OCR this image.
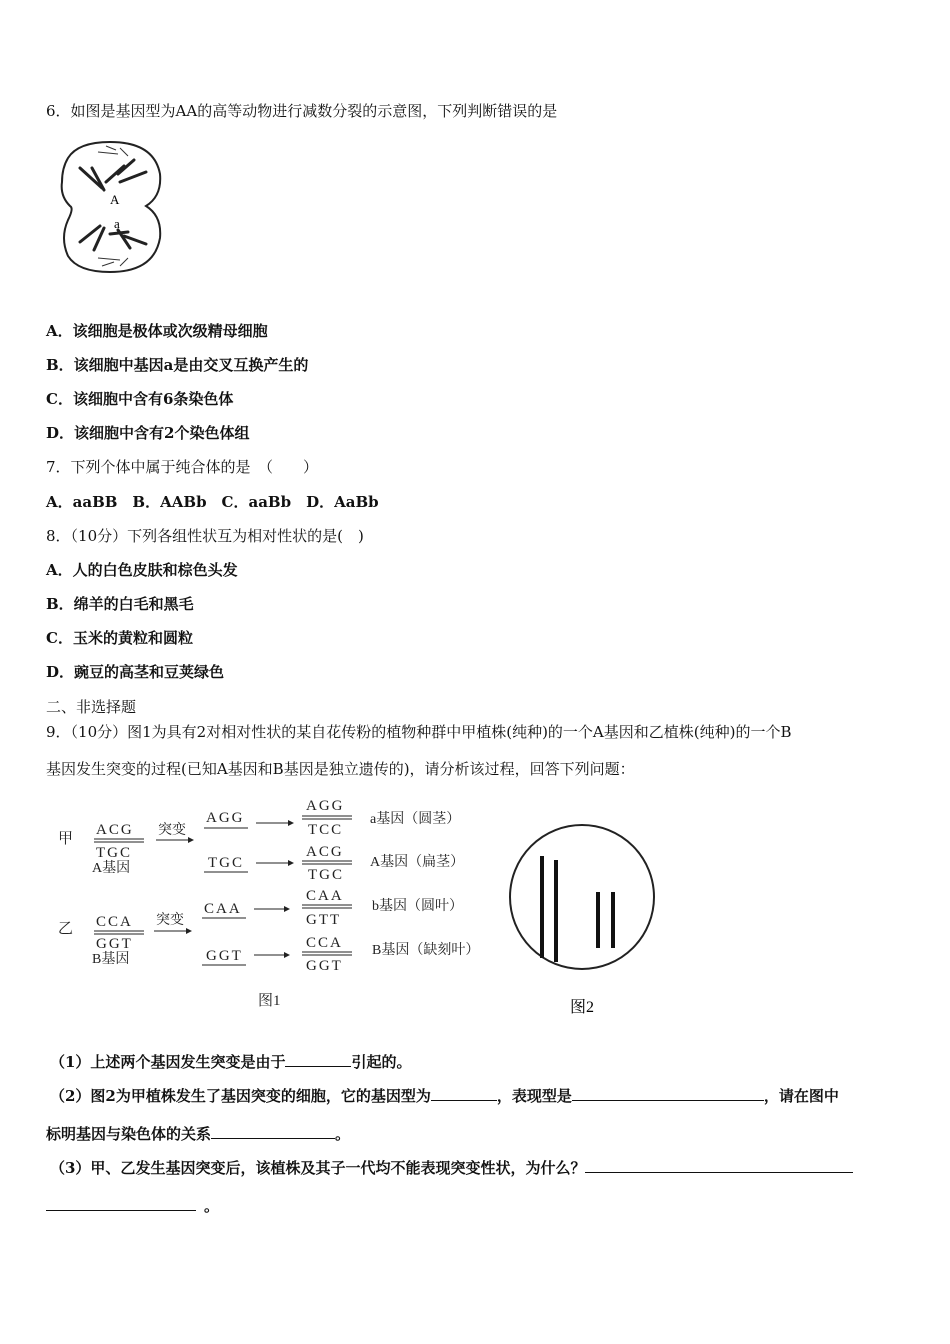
6．如图是基因型为AA的高等动物进行减数分裂的示意图，下列判断错误的是
A
a
A．该细胞是极体或次级精母细胞
B．该细胞中基因a是由交叉互换产生的
C．该细胞中含有6条染色体
D．该细胞中含有2个染色体组
7．下列个体中属于纯合体的是　（　　）
A．aaBB　B．AABb　C．aaBb　D．AaBb
8．（10分）下列各组性状互为相对性状的是(　)
A．人的白色皮肤和棕色头发
B．绵羊的白毛和黑毛
C．玉米的黄粒和圆粒
D．豌豆的高茎和豆荚绿色
二、非选择题
9．（10分）图1为具有2对相对性状的某自花传粉的植物种群中甲植株(纯种)的一个A基因和乙植株(纯种)的一个B
基因发生突变的过程(已知A基因和B基因是独立遗传的)，请分析该过程，回答下列问题：
甲
乙
ACG
TGC
A基因
突变
AGG
AGG
TCC
a基因（圆茎）
TGC
ACG
TGC
A基因（扁茎）
CCA
GGT
B基因
突变
CAA
CAA
GTT
b基因（圆叶）
GGT
CCA
GGT
B基因（缺刻叶）
图1	图2
（1）上述两个基因发生突变是由于	引起的。
（2）图2为甲植株发生了基因突变的细胞，它的基因型为	，表现型是	，请在图中
标明基因与染色体的关系	。
（3）甲、乙发生基因突变后，该植株及其子一代均不能表现突变性状，为什么？
。
